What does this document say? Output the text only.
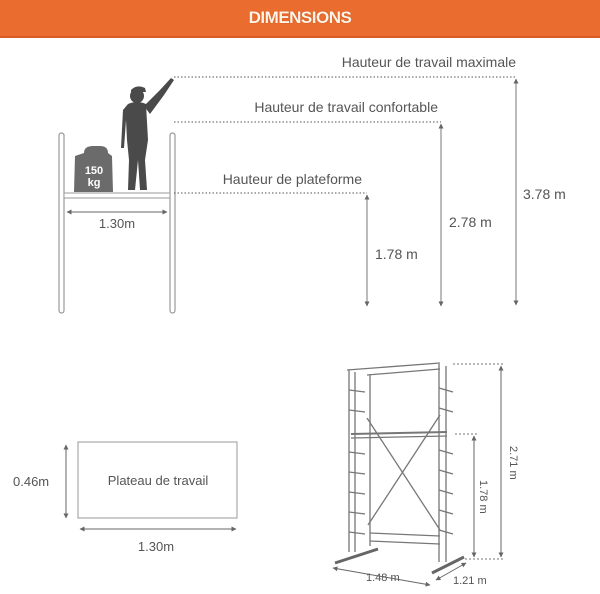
DIMENSIONS
1.30m
150
kg
Hauteur de travail maximale
Hauteur de travail confortable
Hauteur de plateforme
1.78 m
2.78 m
3.78 m
Plateau de travail
0.46m
1.30m
2.71 m
1.78 m
1.48 m	1.21 m
